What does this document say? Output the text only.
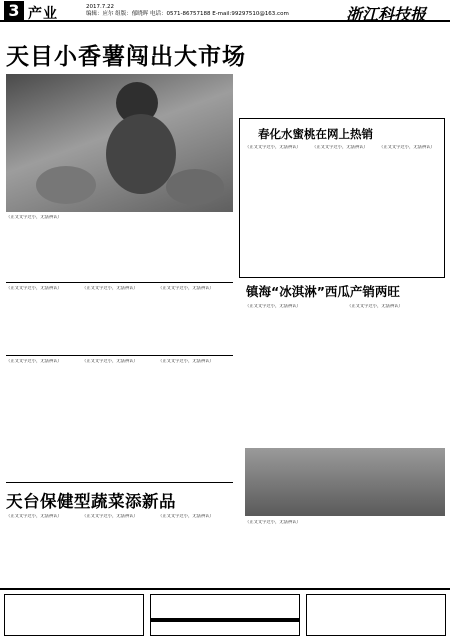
3 产业	2017.7.22
编辑：应尔 组版：郁晓晖 电话：0571-86757188 E-mail:99297510@163.com	浙江科技报
天目小香薯闯出大市场
（正文文字过小，无法辨认）
春化水蜜桃在网上热销
（正文文字过小，无法辨认）	（正文文字过小，无法辨认）	（正文文字过小，无法辨认）

（正文文字过小，无法辨认）	（正文文字过小，无法辨认）	（正文文字过小，无法辨认）

（正文文字过小，无法辨认）	（正文文字过小，无法辨认）	（正文文字过小，无法辨认）
镇海“冰淇淋”西瓜产销两旺
（正文文字过小，无法辨认）	（正文文字过小，无法辨认）
天台保健型蔬菜添新品
（正文文字过小，无法辨认）	（正文文字过小，无法辨认）	（正文文字过小，无法辨认）
（正文文字过小，无法辨认）
